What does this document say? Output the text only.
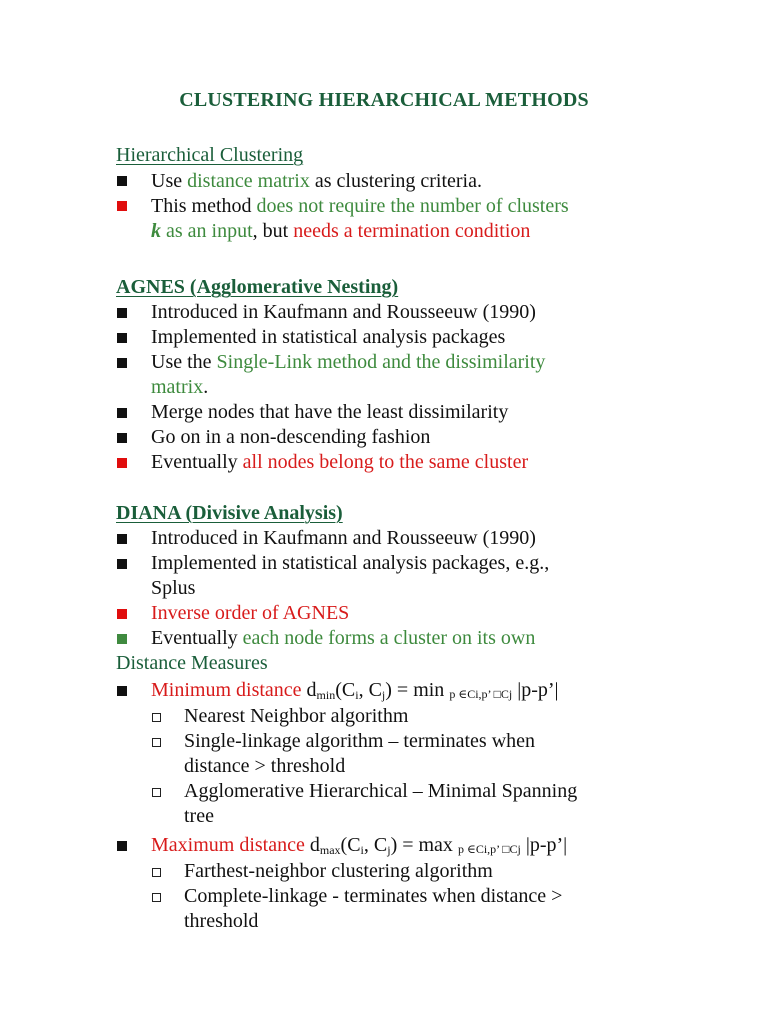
CLUSTERING HIERARCHICAL METHODS
Hierarchical Clustering
Use distance matrix as clustering criteria.
This method does not require the number of clusters
k as an input, but needs a termination condition
AGNES (Agglomerative Nesting)
Introduced in Kaufmann and Rousseeuw (1990)
Implemented in statistical analysis packages
Use the Single-Link method and the dissimilarity
matrix.
Merge nodes that have the least dissimilarity
Go on in a non-descending fashion
Eventually all nodes belong to the same cluster
DIANA (Divisive Analysis)
Introduced in Kaufmann and Rousseeuw (1990)
Implemented in statistical analysis packages, e.g.,
Splus
Inverse order of AGNES
Eventually each node forms a cluster on its own
Distance Measures
Minimum distance $d_{min}(C_i$, $C_j) = \min p$ ∈Ci,p’ □Cj |p-p’|
Nearest Neighbor algorithm
Single-linkage algorithm – terminates when
distance > threshold
Agglomerative Hierarchical – Minimal Spanning
tree
Maximum distance $d_{max}(C_i$, $C_j) = \max p$ ∈Ci,p’ □Cj |p-p’|
Farthest-neighbor clustering algorithm
Complete-linkage - terminates when distance >
threshold
